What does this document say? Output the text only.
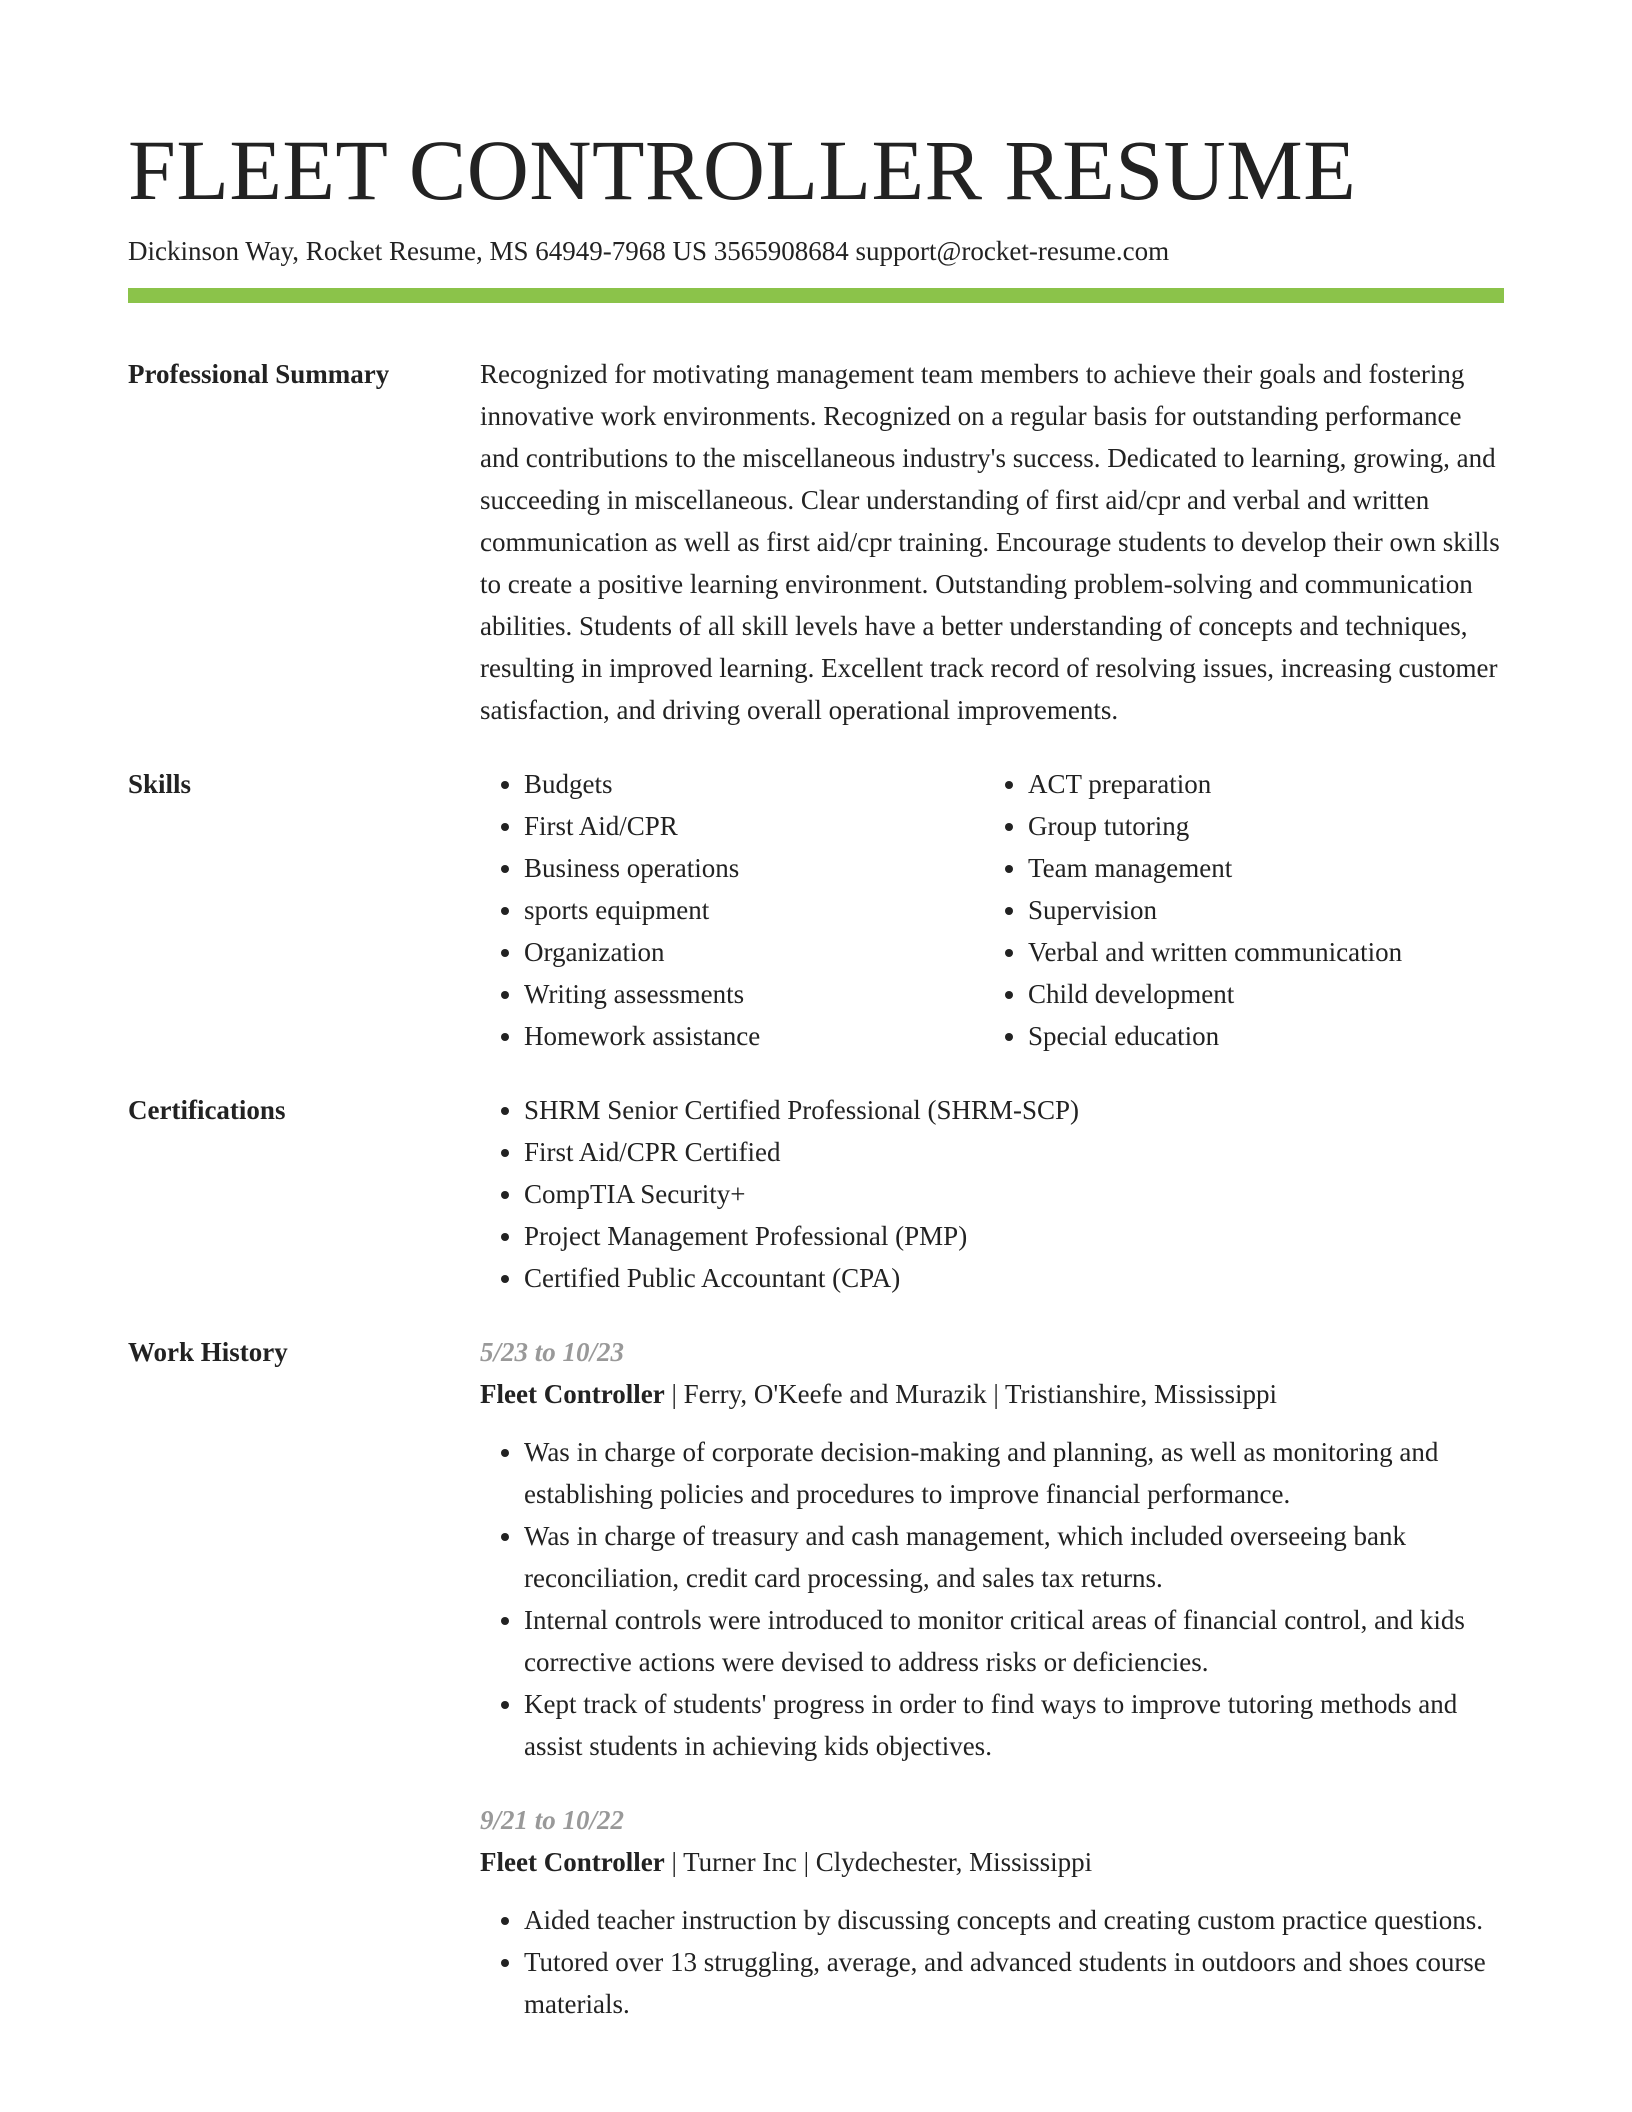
FLEET CONTROLLER RESUME
Dickinson Way, Rocket Resume, MS 64949-7968 US 3565908684 support@rocket-resume.com
Professional Summary	Recognized for motivating management team members to achieve their goals and fostering innovative work environments. Recognized on a regular basis for outstanding performance and contributions to the miscellaneous industry's success. Dedicated to learning, growing, and succeeding in miscellaneous. Clear understanding of first aid/cpr and verbal and written communication as well as first aid/cpr training. Encourage students to develop their own skills to create a positive learning environment. Outstanding problem-solving and communication abilities. Students of all skill levels have a better understanding of concepts and techniques, resulting in improved learning. Excellent track record of resolving issues, increasing customer satisfaction, and driving overall operational improvements.

Skills	• Budgets
• First Aid/CPR
• Business operations
• sports equipment
• Organization
• Writing assessments
• Homework assistance
• ACT preparation
• Group tutoring
• Team management
• Supervision
• Verbal and written communication
• Child development
• Special education
Certifications	• SHRM Senior Certified Professional (SHRM-SCP)
• First Aid/CPR Certified
• CompTIA Security+
• Project Management Professional (PMP)
• Certified Public Accountant (CPA)
Work History	5/23 to 10/23
Fleet Controller | Ferry, O'Keefe and Murazik | Tristianshire, Mississippi
• Was in charge of corporate decision-making and planning, as well as monitoring and establishing policies and procedures to improve financial performance.
• Was in charge of treasury and cash management, which included overseeing bank reconciliation, credit card processing, and sales tax returns.
• Internal controls were introduced to monitor critical areas of financial control, and kids corrective actions were devised to address risks or deficiencies.
• Kept track of students' progress in order to find ways to improve tutoring methods and assist students in achieving kids objectives.
9/21 to 10/22
Fleet Controller | Turner Inc | Clydechester, Mississippi
• Aided teacher instruction by discussing concepts and creating custom practice questions.
• Tutored over 13 struggling, average, and advanced students in outdoors and shoes course materials.
